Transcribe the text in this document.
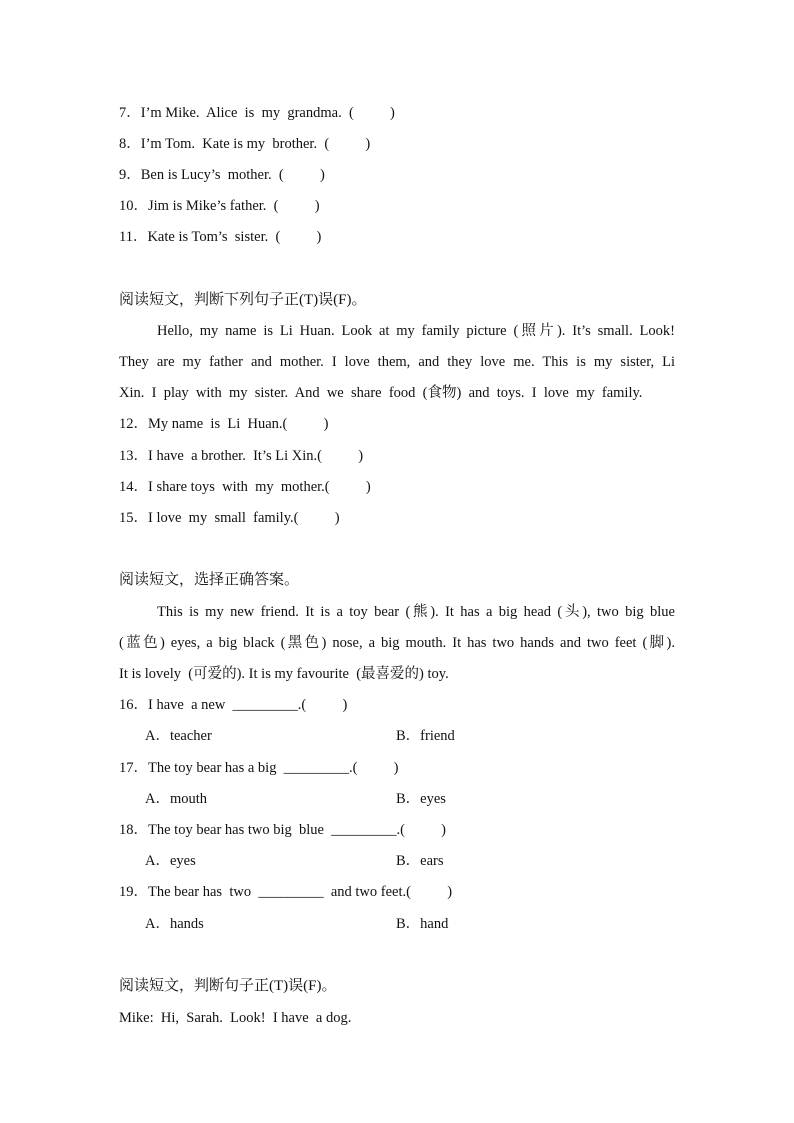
7．I’m Mike.  Alice  is  my  grandma.  (          )
8．I’m Tom.  Kate is my  brother.  (          )
9．Ben is Lucy’s  mother.  (          )
10．Jim is Mike’s father.  (          )
11．Kate is Tom’s  sister.  (          )
阅读短文，判断下列句子正(T)误(F)。
Hello, my name is Li Huan. Look at my family picture (照片). It’s small. Look!
They are my father and mother. I love them, and they love me. This is my sister, Li
Xin.  I  play  with  my  sister.  And  we  share  food  (食物)  and  toys.  I  love  my  family.
12．My name  is  Li  Huan.(          )
13．I have  a brother.  It’s Li Xin.(          )
14．I share toys  with  my  mother.(          )
15．I love  my  small  family.(          )
阅读短文，选择正确答案。
This is my new friend. It is a toy bear (熊). It has a big head (头), two big blue
(蓝色) eyes, a big black (黑色) nose, a big mouth. It has two hands and two feet (脚).
It is lovely  (可爱的). It is my favourite  (最喜爱的) toy.
16．I have  a new  _________.(          )
A．teacher	B．friend
17．The toy bear has a big  _________.(          )
A．mouth	B．eyes
18．The toy bear has two big  blue  _________.(          )
A．eyes	B．ears
19．The bear has  two  _________  and two feet.(          )
A．hands	B．hand
阅读短文，判断句子正(T)误(F)。
Mike:  Hi,  Sarah.  Look!  I have  a dog.
